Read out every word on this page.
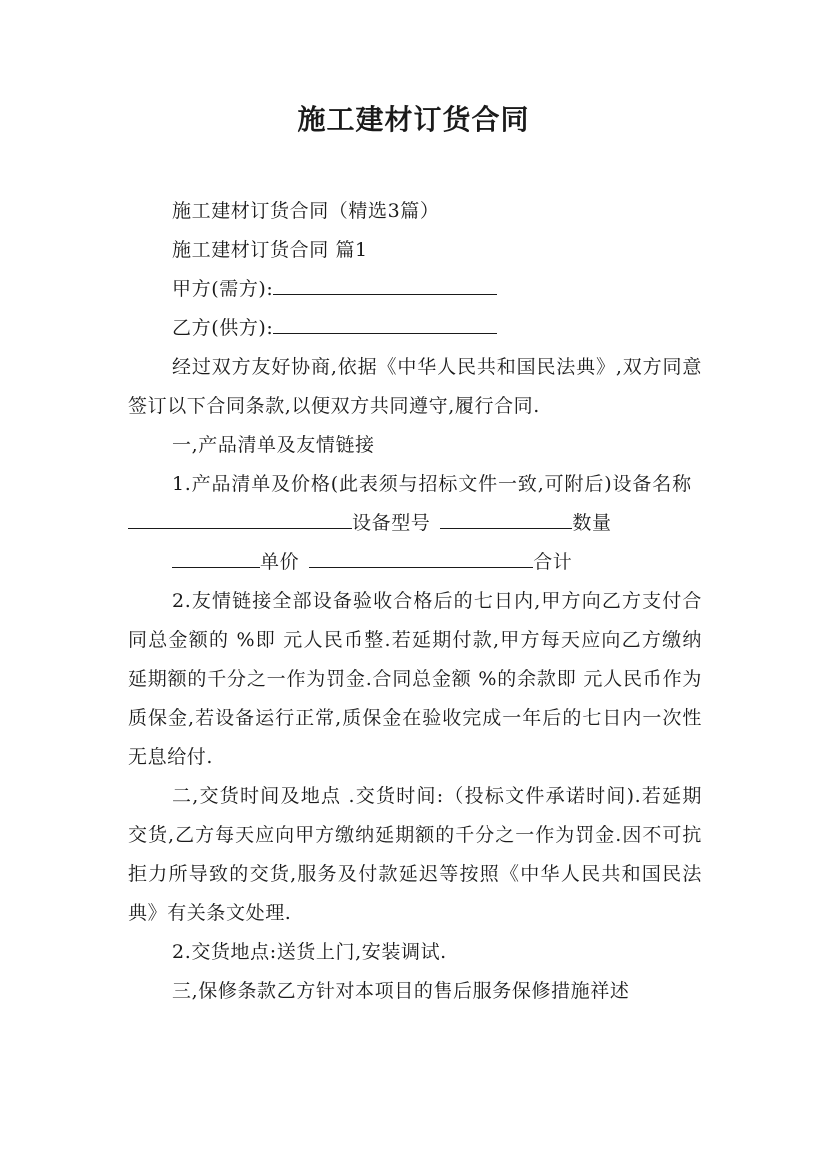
施工建材订货合同

施工建材订货合同（精选3篇）

施工建材订货合同 篇1

甲方(需方):

乙方(供方):

经过双方友好协商,依据《中华人民共和国民法典》,双方同意签订以下合同条款,以便双方共同遵守,履行合同.

一,产品清单及友情链接

1.产品清单及价格(此表须与招标文件一致,可附后)设备名称设备型号	数量

单价	合计

2.友情链接全部设备验收合格后的七日内,甲方向乙方支付合同总金额的 %即 元人民币整.若延期付款,甲方每天应向乙方缴纳延期额的千分之一作为罚金.合同总金额 %的余款即 元人民币作为质保金,若设备运行正常,质保金在验收完成一年后的七日内一次性无息给付.

二,交货时间及地点 .交货时间:（投标文件承诺时间).若延期交货,乙方每天应向甲方缴纳延期额的千分之一作为罚金.因不可抗拒力所导致的交货,服务及付款延迟等按照《中华人民共和国民法典》有关条文处理.

2.交货地点:送货上门,安装调试.

三,保修条款乙方针对本项目的售后服务保修措施祥述
